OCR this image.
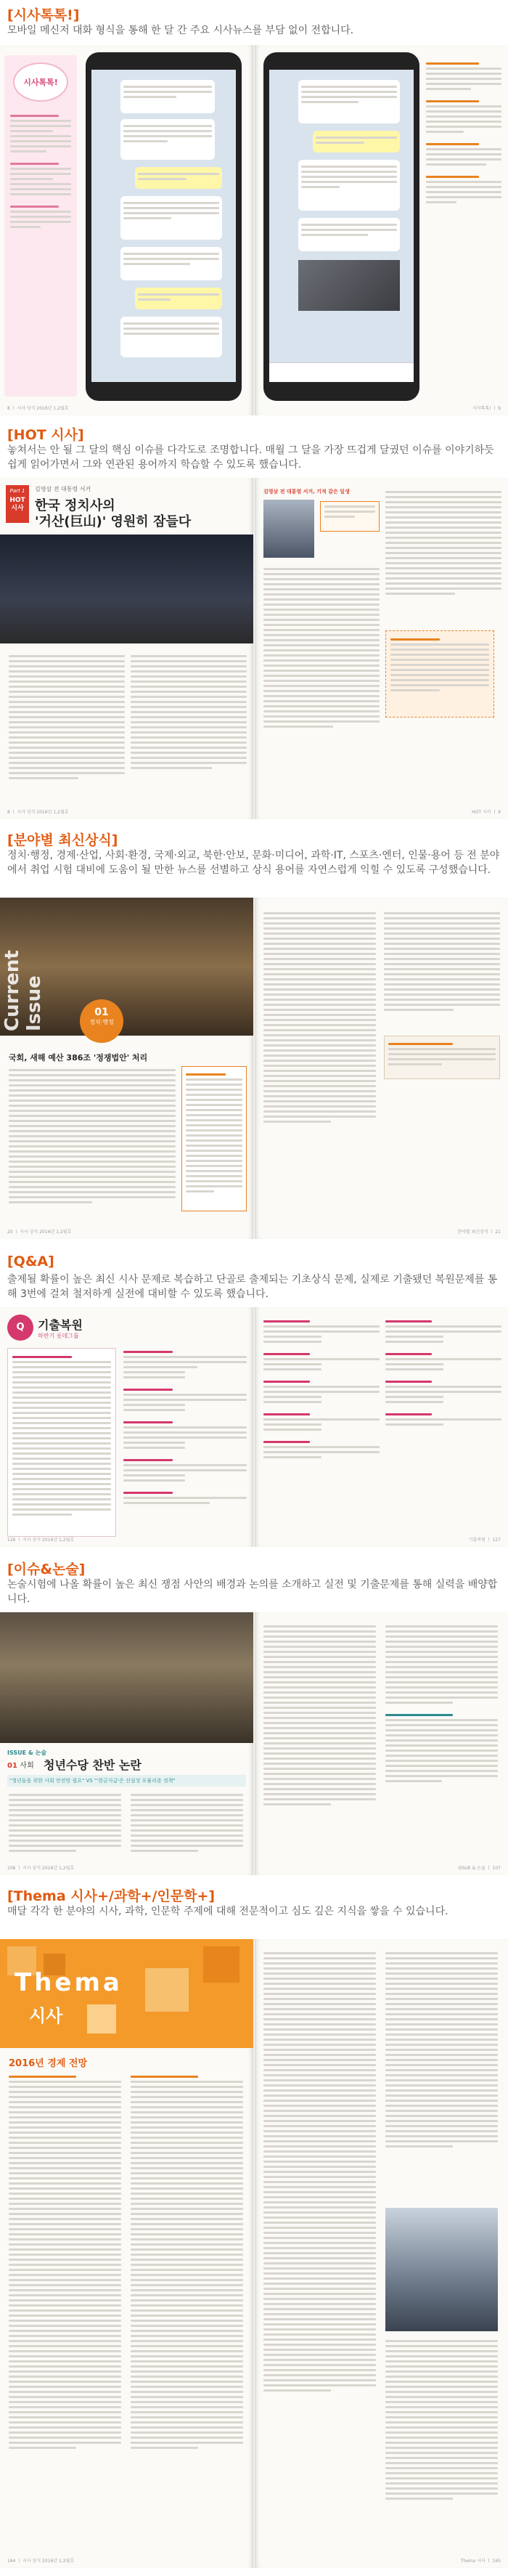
[시사톡톡!]
모바일 메신저 대화 형식을 통해 한 달 간 주요 시사뉴스를 부담 없이 전합니다.
시사톡톡!
8 ㅣ 시사 상식 2016년 1,2월호	시사톡톡! ㅣ 9
[HOT 시사]
놓쳐서는 안 될 그 달의 핵심 이슈를 다각도로 조명합니다. 매월 그 달을 가장 뜨겁게 달궜던 이슈를 이야기하듯 쉽게 읽어가면서 그와 연관된 용어까지 학습할 수 있도록 했습니다.
Part 1
HOT 시사
김영삼 전 대통령 서거
한국 정치사의
'거산(巨山)' 영원히 잠들다
8 ㅣ 시사 상식 2016년 1,2월호
김영삼 전 대통령 서거, 기적 같은 일생
HOT 시사 ㅣ 9
[분야별 최신상식]
정치·행정, 경제·산업, 사회·환경, 국제·외교, 북한·안보, 문화·미디어, 과학·IT, 스포츠·엔터, 인물·용어 등 전 분야에서 취업 시험 대비에 도움이 될 만한 뉴스를 선별하고 상식 용어를 자연스럽게 익힐 수 있도록 구성했습니다.
Current Issue	01
정치·행정
국회, 새해 예산 386조 '정쟁법안' 처리
20 ㅣ 시사 상식 2016년 1,2월호	분야별 최신상식 ㅣ 21
[Q&A]
출제될 확률이 높은 최신 시사 문제로 복습하고 단골로 출제되는 기초상식 문제, 실제로 기출됐던 복원문제를 통해 3번에 걸쳐 철저하게 실전에 대비할 수 있도록 했습니다.
Q	기출복원
하반기 롯데그룹
126 ㅣ 시사 상식 2016년 1,2월호	기출복원 ㅣ 127
[이슈&논술]
논술시험에 나올 확률이 높은 최신 쟁점 사안의 배경과 논의를 소개하고 실전 및 기출문제를 통해 실력을 배양합니다.
ISSUE & 논술
01 사회 청년수당 찬반 논란
"청년들을 위한 사회 안전망 필요" VS "'현금지급'은 선심성 포퓰리즘 정책"
106 ㅣ 시사 상식 2016년 1,2월호	ISSUE & 논술 ㅣ 107
[Thema 시사+/과학+/인문학+]
매달 각각 한 분야의 시사, 과학, 인문학 주제에 대해 전문적이고 심도 깊은 지식을 쌓을 수 있습니다.
Thema
시사
2016년 경제 전망
164 ㅣ 시사 상식 2016년 1,2월호	Thema 시사 ㅣ 165
